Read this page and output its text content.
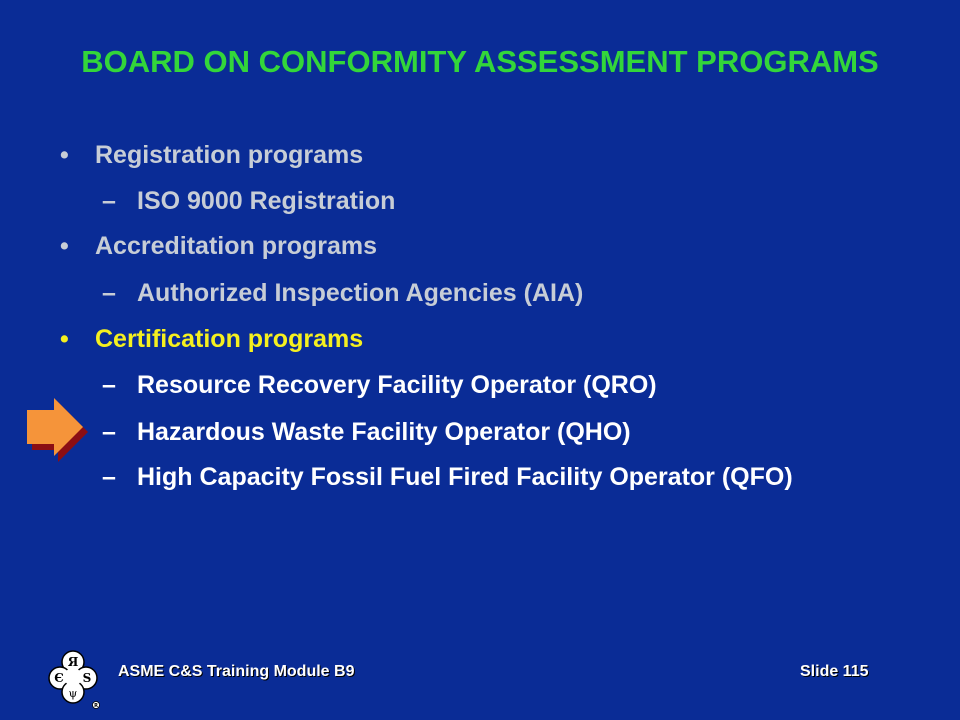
BOARD ON CONFORMITY ASSESSMENT PROGRAMS
• Registration programs
– ISO 9000 Registration
• Accreditation programs
– Authorized Inspection Agencies (AIA)
• Certification programs
– Resource Recovery Facility Operator (QRO)
– Hazardous Waste Facility Operator (QHO)
– High Capacity Fossil Fuel Fired Facility Operator (QFO)
Я
Є S
ψ
R
ASME C&S Training Module B9	Slide 115
